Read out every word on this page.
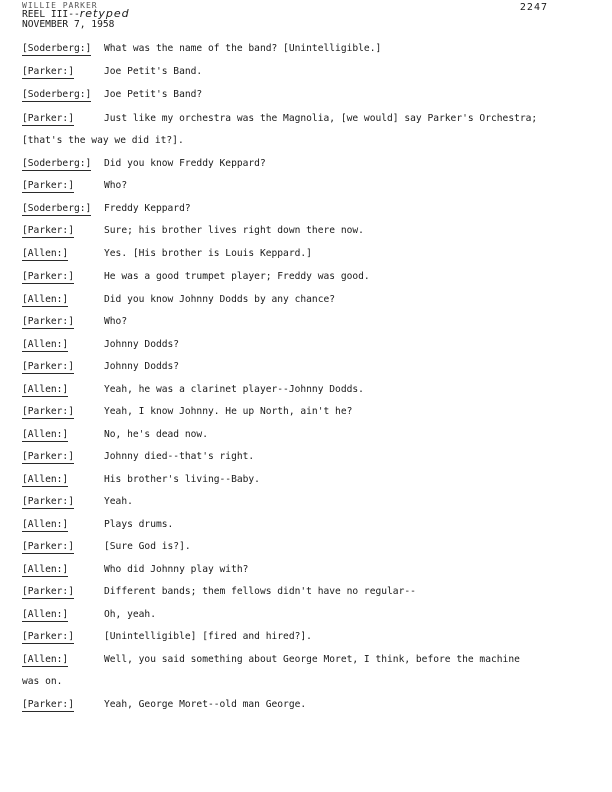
WILLIE PARKER
REEL III--retyped
NOVEMBER 7, 1958
2247
[Soderberg:] What was the name of the band? [Unintelligible.]
[Parker:]	Joe Petit's Band.
[Soderberg:] Joe Petit's Band?
[Parker:]	Just like my orchestra was the Magnolia, [we would] say Parker's Orchestra;
[that's the way we did it?].
[Soderberg:] Did you know Freddy Keppard?
[Parker:]	Who?
[Soderberg:] Freddy Keppard?
[Parker:]	Sure; his brother lives right down there now.
[Allen:]	Yes. [His brother is Louis Keppard.]
[Parker:]	He was a good trumpet player; Freddy was good.
[Allen:]	Did you know Johnny Dodds by any chance?
[Parker:]	Who?
[Allen:]	Johnny Dodds?
[Parker:]	Johnny Dodds?
[Allen:]	Yeah, he was a clarinet player--Johnny Dodds.
[Parker:]	Yeah, I know Johnny. He up North, ain't he?
[Allen:]	No, he's dead now.
[Parker:]	Johnny died--that's right.
[Allen:]	His brother's living--Baby.
[Parker:]	Yeah.
[Allen:]	Plays drums.
[Parker:]	[Sure God is?].
[Allen:]	Who did Johnny play with?
[Parker:]	Different bands; them fellows didn't have no regular--
[Allen:]	Oh, yeah.
[Parker:]	[Unintelligible] [fired and hired?].
[Allen:]	Well, you said something about George Moret, I think, before the machine
was on.
[Parker:]	Yeah, George Moret--old man George.
